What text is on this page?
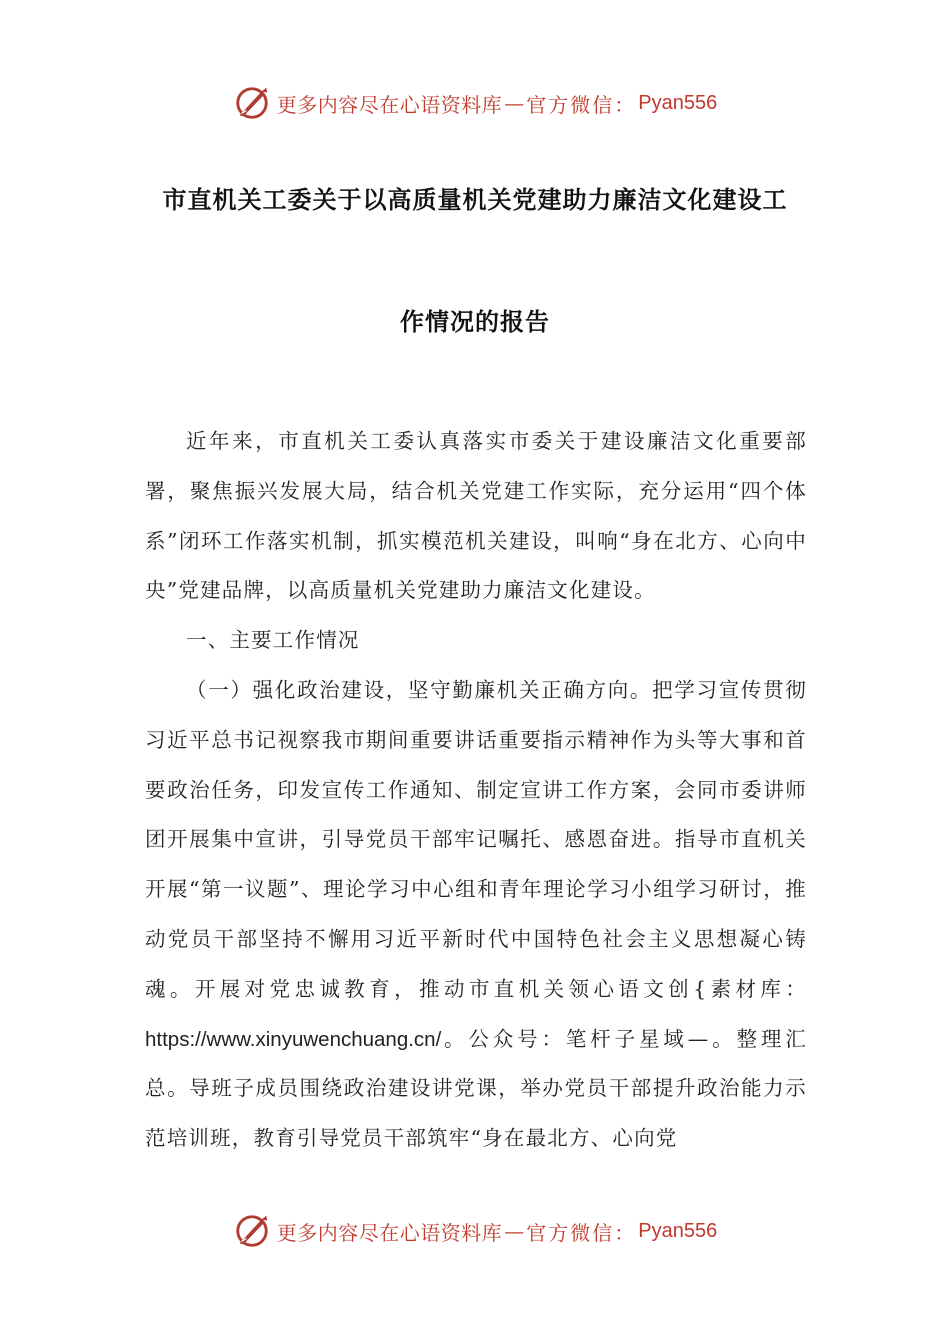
更多内容尽在心语资料库 — 官方微信： Pyan556
市直机关工委关于以高质量机关党建助力廉洁文化建设工
作情况的报告

近年来，市直机关工委认真落实市委关于建设廉洁文化重要部署，聚焦振兴发展大局，结合机关党建工作实际，充分运用“四个体系”闭环工作落实机制，抓实模范机关建设，叫响“身在北方、心向中央”党建品牌，以高质量机关党建助力廉洁文化建设。

一、主要工作情况

（一）强化政治建设，坚守勤廉机关正确方向。把学习宣传贯彻习近平总书记视察我市期间重要讲话重要指示精神作为头等大事和首要政治任务，印发宣传工作通知、制定宣讲工作方案，会同市委讲师团开展集中宣讲，引导党员干部牢记嘱托、感恩奋进。指导市直机关开展“第一议题”、理论学习中心组和青年理论学习小组学习研讨，推动党员干部坚持不懈用习近平新时代中国特色社会主义思想凝心铸魂。开展对党忠诚教育，推动市直机关领心语文创{素材库：https://www.xinyuwenchuang.cn/。公众号：笔杆子星域—。整理汇总。导班子成员围绕政治建设讲党课，举办党员干部提升政治能力示范培训班，教育引导党员干部筑牢“身在最北方、心向党

更多内容尽在心语资料库 — 官方微信： Pyan556
